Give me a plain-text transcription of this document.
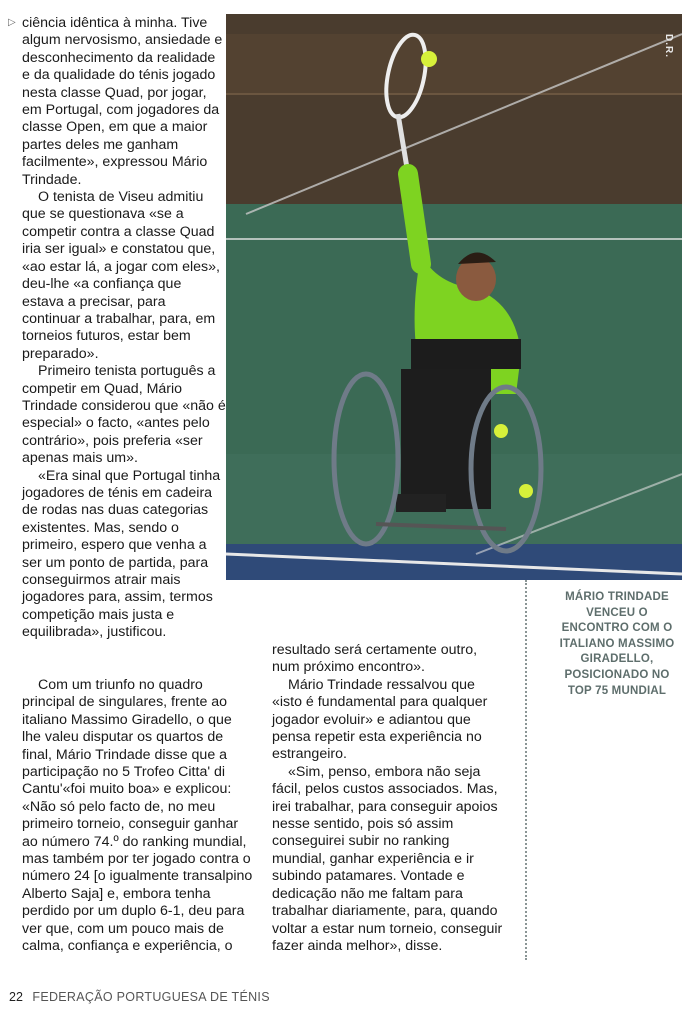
▷ ciência idêntica à minha. Tive algum nervosismo, ansiedade e desconhecimento da realidade e da qualidade do ténis jogado nesta classe Quad, por jogar, em Portugal, com jogadores da classe Open, em que a maior partes deles me ganham facilmente», expressou Mário Trindade.

O tenista de Viseu admitiu que se questionava «se a competir contra a classe Quad iria ser igual» e constatou que, «ao estar lá, a jogar com eles», deu-lhe «a confiança que estava a precisar, para continuar a trabalhar, para, em torneios futuros, estar bem preparado».

Primeiro tenista português a competir em Quad, Mário Trindade considerou que «não é especial» o facto, «antes pelo contrário», pois preferia «ser apenas mais um».

«Era sinal que Portugal tinha jogadores de ténis em cadeira de rodas nas duas categorias existentes. Mas, sendo o primeiro, espero que venha a ser um ponto de partida, para conseguirmos atrair mais jogadores para, assim, termos competição mais justa e equilibrada», justificou.

Com um triunfo no quadro principal de singulares, frente ao italiano Massimo Giradello, o que lhe valeu disputar os quartos de final, Mário Trindade disse que a participação no 5 Trofeo Citta' di Cantu'«foi muito boa» e explicou: «Não só pelo facto de, no meu primeiro torneio, conseguir ganhar ao número 74.º do ranking mundial, mas também por ter jogado contra o número 24 [o igualmente transalpino Alberto Saja] e, embora tenha perdido por um duplo 6-1, deu para ver que, com um pouco mais de calma, confiança e experiência, o

resultado será certamente outro, num próximo encontro».

Mário Trindade ressalvou que «isto é fundamental para qualquer jogador evoluir» e adiantou que pensa repetir esta experiência no estrangeiro.

«Sim, penso, embora não seja fácil, pelos custos associados. Mas, irei trabalhar, para conseguir apoios nesse sentido, pois só assim conseguirei subir no ranking mundial, ganhar experiência e ir subindo patamares. Vontade e dedicação não me faltam para trabalhar diariamente, para, quando voltar a estar num torneio, conseguir fazer ainda melhor», disse.

D.R.
MÁRIO TRINDADE VENCEU O ENCONTRO COM O ITALIANO MASSIMO GIRADELLO, POSICIONADO NO TOP 75 MUNDIAL
22 FEDERAÇÃO PORTUGUESA DE TÉNIS
